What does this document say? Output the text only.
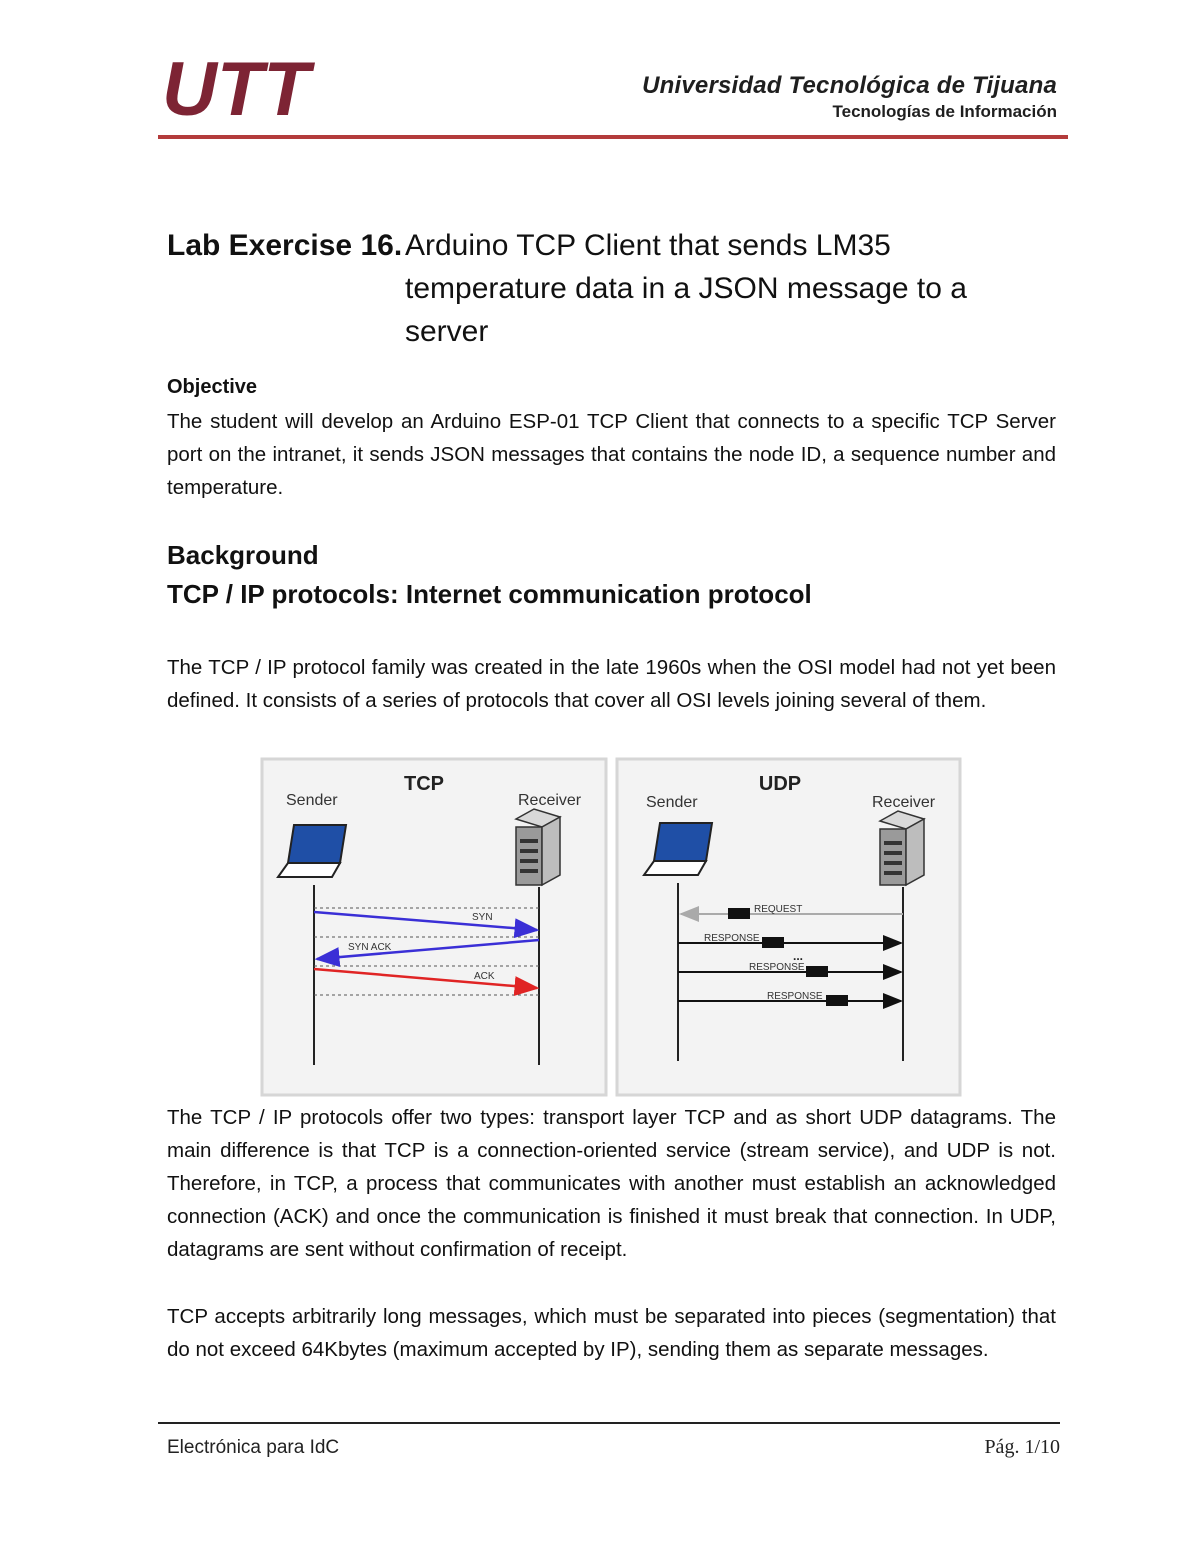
UTT	Universidad Tecnológica de Tijuana
Tecnologías de Información
Lab Exercise 16. Arduino TCP Client that sends LM35 temperature data in a JSON message to a server
Objective
The student will develop an Arduino ESP-01 TCP Client that connects to a specific TCP Server port on the intranet, it sends JSON messages that contains the node ID, a sequence number and temperature.
Background
TCP / IP protocols: Internet communication protocol
The TCP / IP protocol family was created in the late 1960s when the OSI model had not yet been defined. It consists of a series of protocols that cover all OSI levels joining several of them.
TCP
Sender	Receiver
SYN
SYN ACK
ACK
UDP
Sender	Receiver
REQUEST
RESPONSE
...
RESPONSE
RESPONSE
The TCP / IP protocols offer two types: transport layer TCP and as short UDP datagrams. The main difference is that TCP is a connection-oriented service (stream service), and UDP is not. Therefore, in TCP, a process that communicates with another must establish an acknowledged connection (ACK) and once the communication is finished it must break that connection. In UDP, datagrams are sent without confirmation of receipt.
TCP accepts arbitrarily long messages, which must be separated into pieces (segmentation) that do not exceed 64Kbytes (maximum accepted by IP), sending them as separate messages.
Electrónica para IdC	Pág. 1/10
